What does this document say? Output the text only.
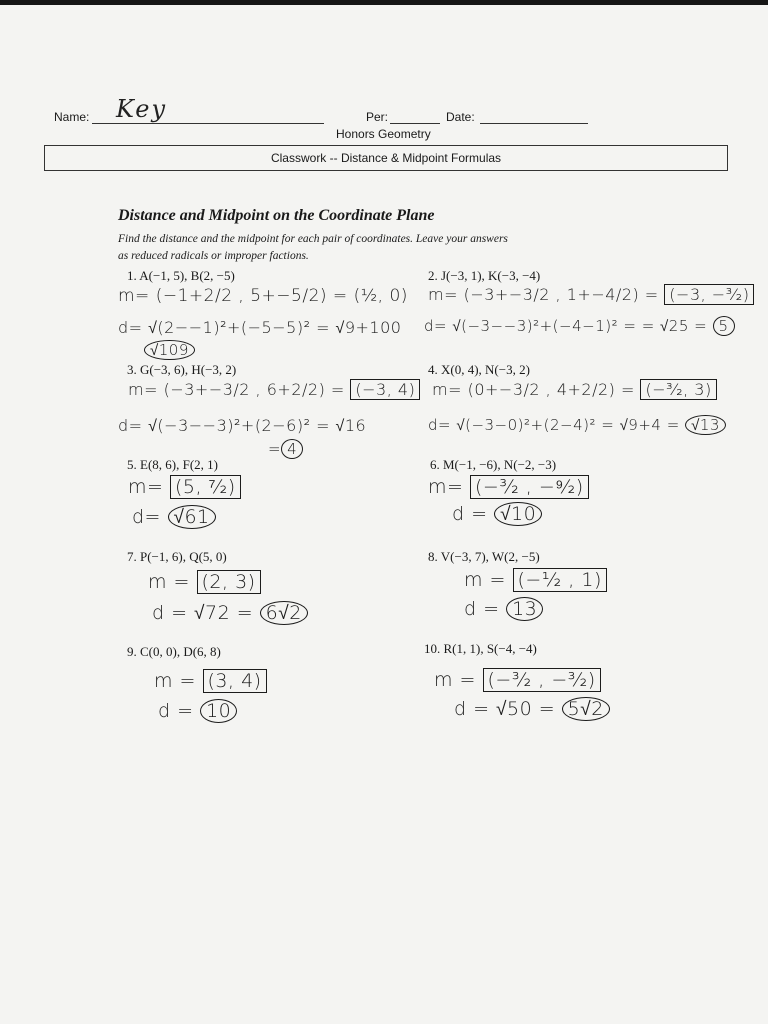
Name: Key	Per:	Date:
Honors Geometry
Classwork -- Distance & Midpoint Formulas
Distance and Midpoint on the Coordinate Plane
Find the distance and the midpoint for each pair of coordinates. Leave your answers
as reduced radicals or improper factions.
1. A(−1, 5), B(2, −5)
m= (−1+2/2 , 5+−5/2) = (½, 0)
d= √(2−−1)²+(−5−5)² = √9+100
√109
2. J(−3, 1), K(−3, −4)
m= (−3+−3/2 , 1+−4/2) = (−3, −³⁄₂)
d= √(−3−−3)²+(−4−1)² = = √25 = 5
3. G(−3, 6), H(−3, 2)
m= (−3+−3/2 , 6+2/2) = (−3, 4)
d= √(−3−−3)²+(2−6)² = √16
= 4
4. X(0, 4), N(−3, 2)
m= (0+−3/2 , 4+2/2) = (−³⁄₂, 3)
d= √(−3−0)²+(2−4)² = √9+4 = √13
5. E(8, 6), F(2, 1)
m= (5, ⁷⁄₂)
d= √61
6. M(−1, −6), N(−2, −3)
m= (−³⁄₂ , −⁹⁄₂)
d = √10
7. P(−1, 6), Q(5, 0)
m = (2, 3)
d = √72 = 6√2
8. V(−3, 7), W(2, −5)
m = (−¹⁄₂ , 1)
d = 13
9. C(0, 0), D(6, 8)
m = (3, 4)
d = 10
10. R(1, 1), S(−4, −4)
m = (−³⁄₂ , −³⁄₂)
d = √50 = 5√2
